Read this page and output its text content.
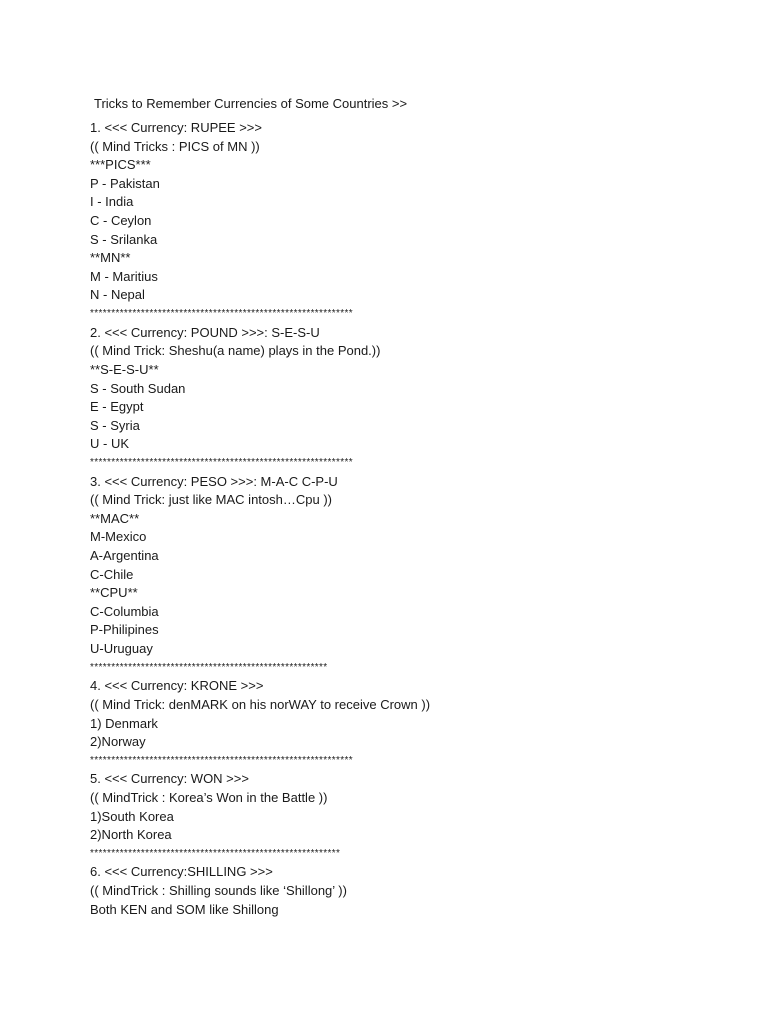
Tricks to Remember Currencies of Some Countries >>
1. <<< Currency: RUPEE >>>
(( Mind Tricks : PICS of MN ))
***PICS***
P - Pakistan
I - India
C - Ceylon
S - Srilanka
**MN**
M - Maritius
N - Nepal
**************************************************************
2. <<< Currency: POUND >>>: S-E-S-U
(( Mind Trick: Sheshu(a name) plays in the Pond.))
**S-E-S-U**
S - South Sudan
E - Egypt
S - Syria
U - UK
**************************************************************
3. <<< Currency: PESO >>>: M-A-C C-P-U
(( Mind Trick: just like MAC intosh…Cpu ))
**MAC**
M-Mexico
A-Argentina
C-Chile
**CPU**
C-Columbia
P-Philipines
U-Uruguay
********************************************************
4. <<< Currency: KRONE >>>
(( Mind Trick: denMARK on his norWAY to receive Crown ))
1) Denmark
2)Norway
**************************************************************
5. <<< Currency: WON >>>
(( MindTrick : Korea’s Won in the Battle ))
1)South Korea
2)North Korea
***********************************************************
6. <<< Currency:SHILLING >>>
(( MindTrick : Shilling sounds like ‘Shillong’ ))
Both KEN and SOM like Shillong
